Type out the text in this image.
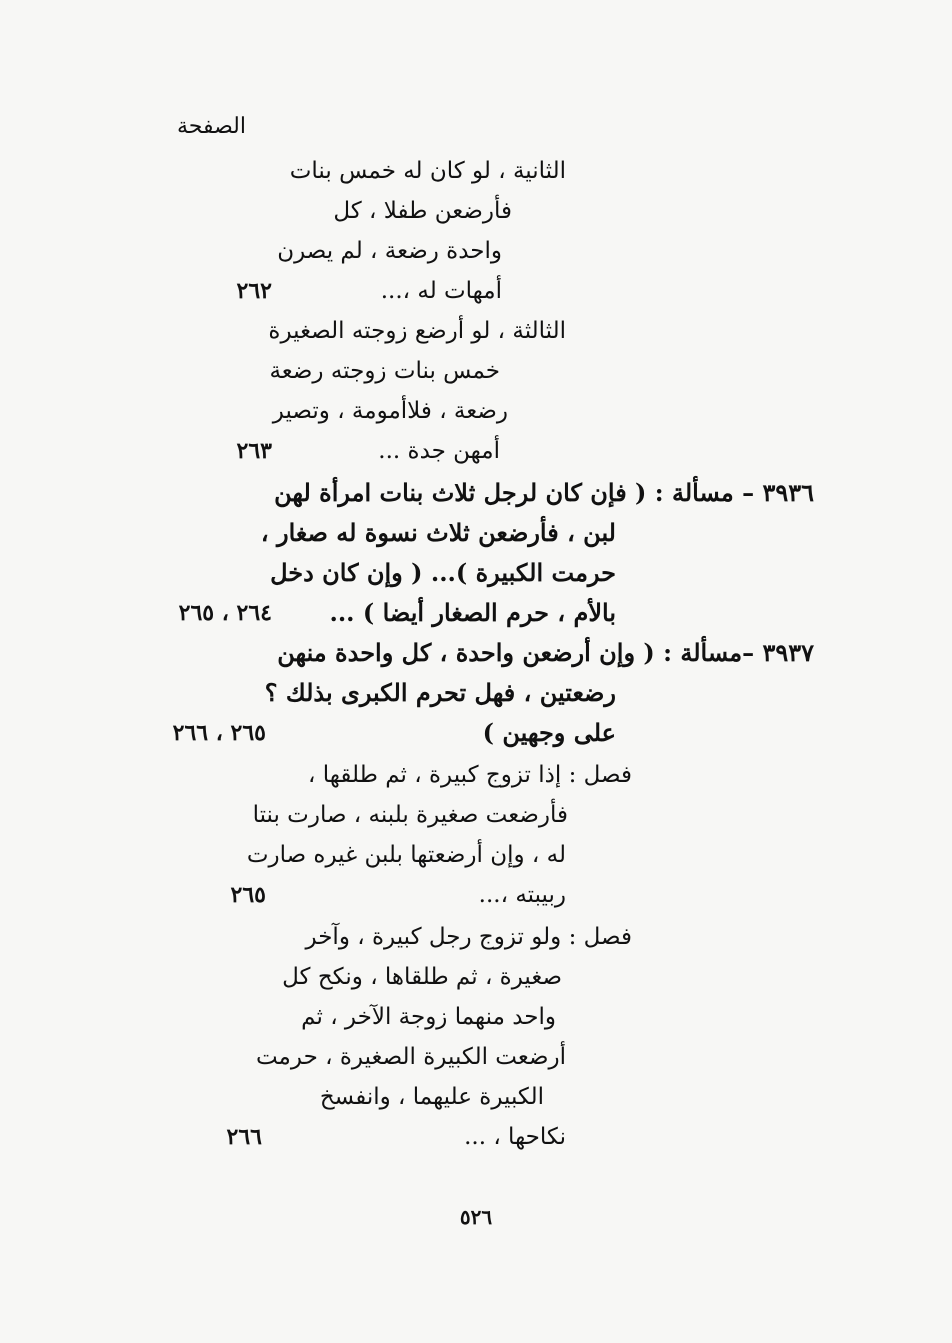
الصفحة
الثانية ، لو كان له خمس بنات
فأرضعن طفلا ، كل
واحدة رضعة ، لم يصرن
أمهات له ،...
٢٦٢
الثالثة ، لو أرضع زوجته الصغيرة
خمس بنات زوجته رضعة
رضعة ، فلاأمومة ، وتصير
أمهن جدة ...
٢٦٣
٣٩٣٦ – مسألة : ( فإن كان لرجل ثلاث بنات امرأة لهن
لبن ، فأرضعن ثلاث نسوة له صغار ،
حرمت الكبيرة )... ( وإن كان دخل
بالأم ، حرم الصغار أيضا ) ...
٢٦٤ ، ٢٦٥
٣٩٣٧ –مسألة : ( وإن أرضعن واحدة ، كل واحدة منهن
رضعتين ، فهل تحرم الكبرى بذلك ؟
على وجهين )
٢٦٥ ، ٢٦٦
فصل : إذا تزوج كبيرة ، ثم طلقها ،
فأرضعت صغيرة بلبنه ، صارت بنتا
له ، وإن أرضعتها بلبن غيره صارت
ربيبته ،...
٢٦٥
فصل : ولو تزوج رجل كبيرة ، وآخر
صغيرة ، ثم طلقاها ، ونكح كل
واحد منهما زوجة الآخر ، ثم
أرضعت الكبيرة الصغيرة ، حرمت
الكبيرة عليهما ، وانفسخ
نكاحها ، ...
٢٦٦
٥٢٦
